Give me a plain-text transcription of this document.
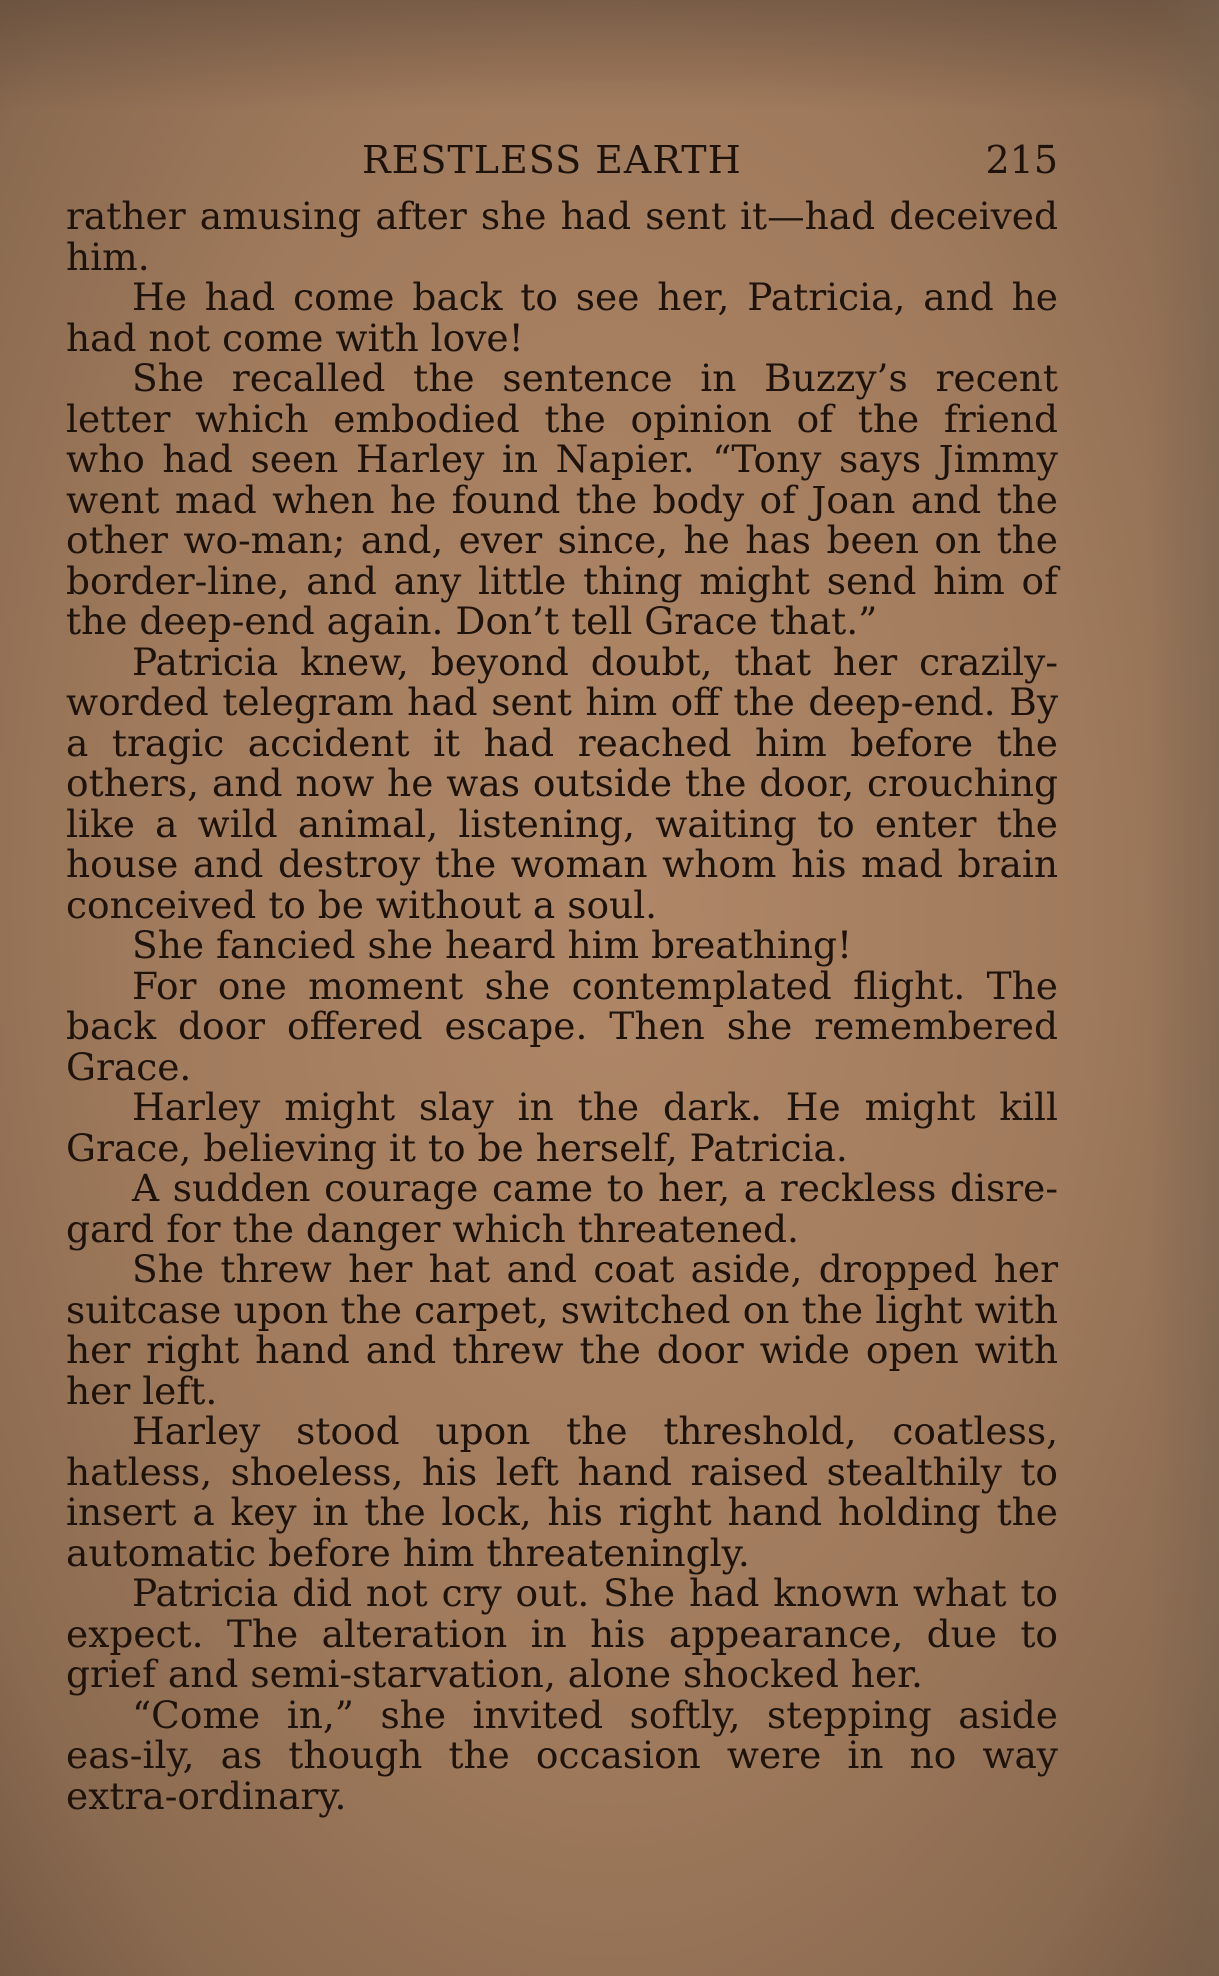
RESTLESS EARTH	215

rather amusing after she had sent it—had deceived him.

He had come back to see her, Patricia, and he had not come with love!

She recalled the sentence in Buzzy’s recent letter which embodied the opinion of the friend who had seen Harley in Napier. “Tony says Jimmy went mad when he found the body of Joan and the other wo-man; and, ever since, he has been on the border-line, and any little thing might send him of the deep-end again. Don’t tell Grace that.”

Patricia knew, beyond doubt, that her crazily-worded telegram had sent him off the deep-end. By a tragic accident it had reached him before the others, and now he was outside the door, crouching like a wild animal, listening, waiting to enter the house and destroy the woman whom his mad brain conceived to be without a soul.

She fancied she heard him breathing!

For one moment she contemplated flight. The back door offered escape. Then she remembered Grace.

Harley might slay in the dark. He might kill Grace, believing it to be herself, Patricia.

A sudden courage came to her, a reckless disre-gard for the danger which threatened.

She threw her hat and coat aside, dropped her suitcase upon the carpet, switched on the light with her right hand and threw the door wide open with her left.

Harley stood upon the threshold, coatless, hatless, shoeless, his left hand raised stealthily to insert a key in the lock, his right hand holding the automatic before him threateningly.

Patricia did not cry out. She had known what to expect. The alteration in his appearance, due to grief and semi-starvation, alone shocked her.

“Come in,” she invited softly, stepping aside eas-ily, as though the occasion were in no way extra-ordinary.
